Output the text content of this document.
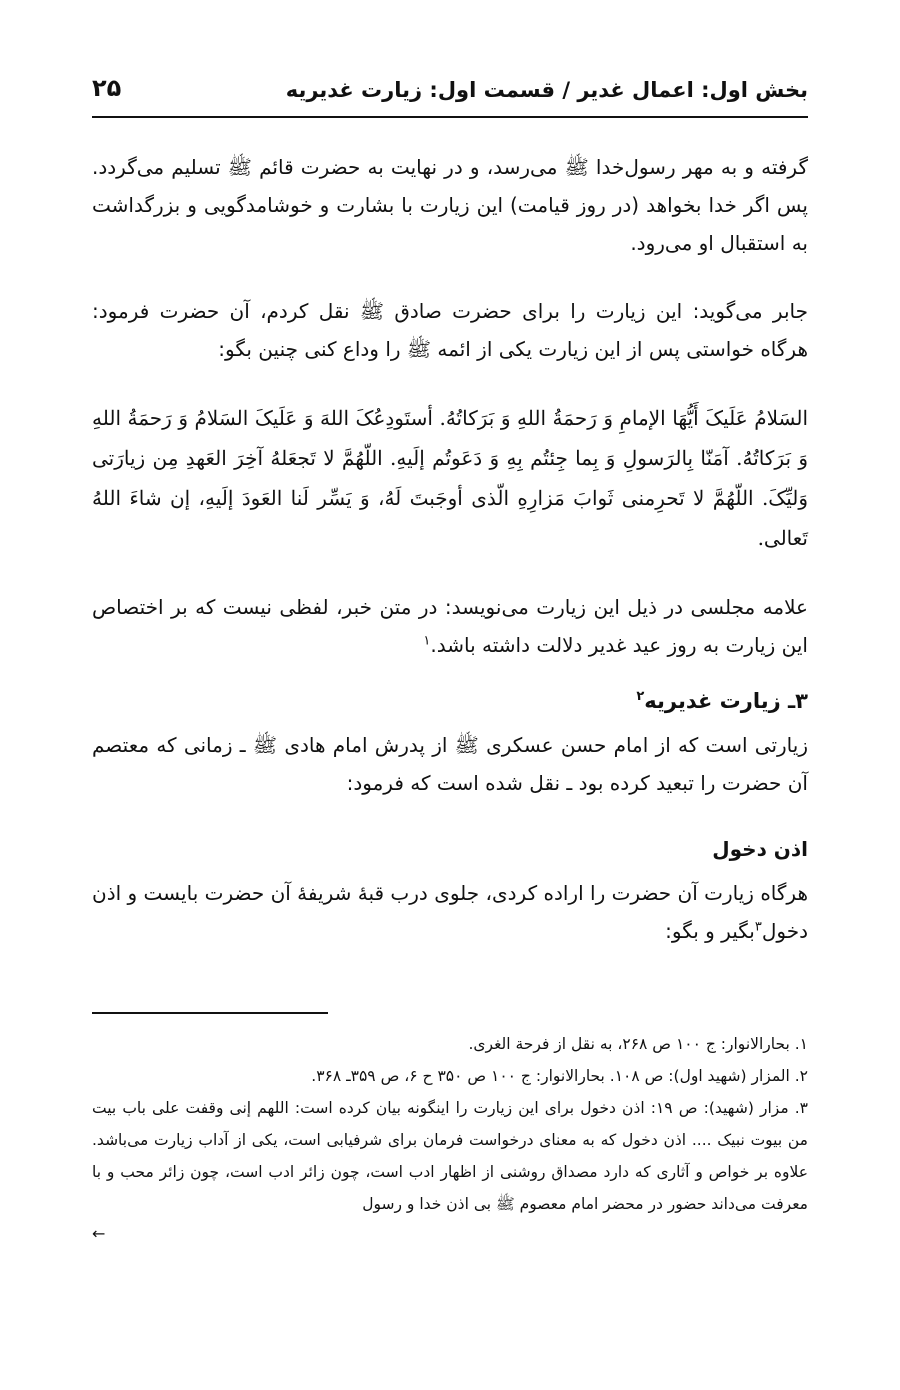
بخش اول: اعمال غدیر / قسمت اول: زیارت غدیریه
۲۵

گرفته و به مهر رسول‌خدا ﷺ می‌رسد، و در نهایت به حضرت قائم ﷺ تسلیم می‌گردد. پس اگر خدا بخواهد (در روز قیامت) این زیارت با بشارت و خوشامدگویی و بزرگداشت به استقبال او می‌رود.

جابر می‌گوید: این زیارت را برای حضرت صادق ﷺ نقل کردم، آن حضرت فرمود: هرگاه خواستی پس از این زیارت یکی از ائمه ﷺ را وداع کنی چنین بگو:

السَلامُ عَلَیکَ أَیُّهَا الإمامِ وَ رَحمَةُ اللهِ وَ بَرَکاتُهُ. أستَودِعُکَ اللهَ وَ عَلَیکَ السَلامُ وَ رَحمَةُ اللهِ وَ بَرَکاتُهُ. آمَنّا بِالرَسولِ وَ بِما جِئتُم بِهِ وَ دَعَوتُم إلَیهِ. اللّهُمَّ لا تَجعَلهُ آخِرَ العَهدِ مِن زیارَتی وَلیِّکَ. اللّهُمَّ لا تَحرِمنی ثَوابَ مَزارِهِ الّذی أوجَبتَ لَهُ، وَ یَسِّر لَنا العَودَ إلَیهِ، إن شاءَ اللهُ تَعالی.

علامه مجلسی در ذیل این زیارت می‌نویسد: در متن خبر، لفظی نیست که بر اختصاص این زیارت به روز عید غدیر دلالت داشته باشد.$^۱$

۳ـ زیارت غدیریه$^۲$

زیارتی است که از امام حسن عسکری ﷺ از پدرش امام هادی ﷺ ـ زمانی که معتصم آن حضرت را تبعید کرده بود ـ نقل شده است که فرمود:

اذن دخول

هرگاه زیارت آن حضرت را اراده کردی، جلوی درب قبهٔ شریفهٔ آن حضرت بایست و اذن دخول$^۳$بگیر و بگو:

۱. بحارالانوار: ج ۱۰۰ ص ۲۶۸، به نقل از فرحة الغری.

۲. المزار (شهید اول): ص ۱۰۸. بحارالانوار: ج ۱۰۰ ص ۳۵۰ ح ۶، ص ۳۵۹ـ ۳۶۸.

۳. مزار (شهید): ص ۱۹: اذن دخول برای این زیارت را اینگونه بیان کرده است: اللهم إنی وقفت علی باب بیت من بیوت نبیک .... اذن دخول که به معنای درخواست فرمان برای شرفیابی است، یکی از آداب زیارت می‌باشد. علاوه بر خواص و آثاری که دارد مصداق روشنی از اظهار ادب است، چون زائر ادب است، چون زائر محب و با معرفت می‌داند حضور در محضر امام معصوم ﷺ بی اذن خدا و رسول

←
